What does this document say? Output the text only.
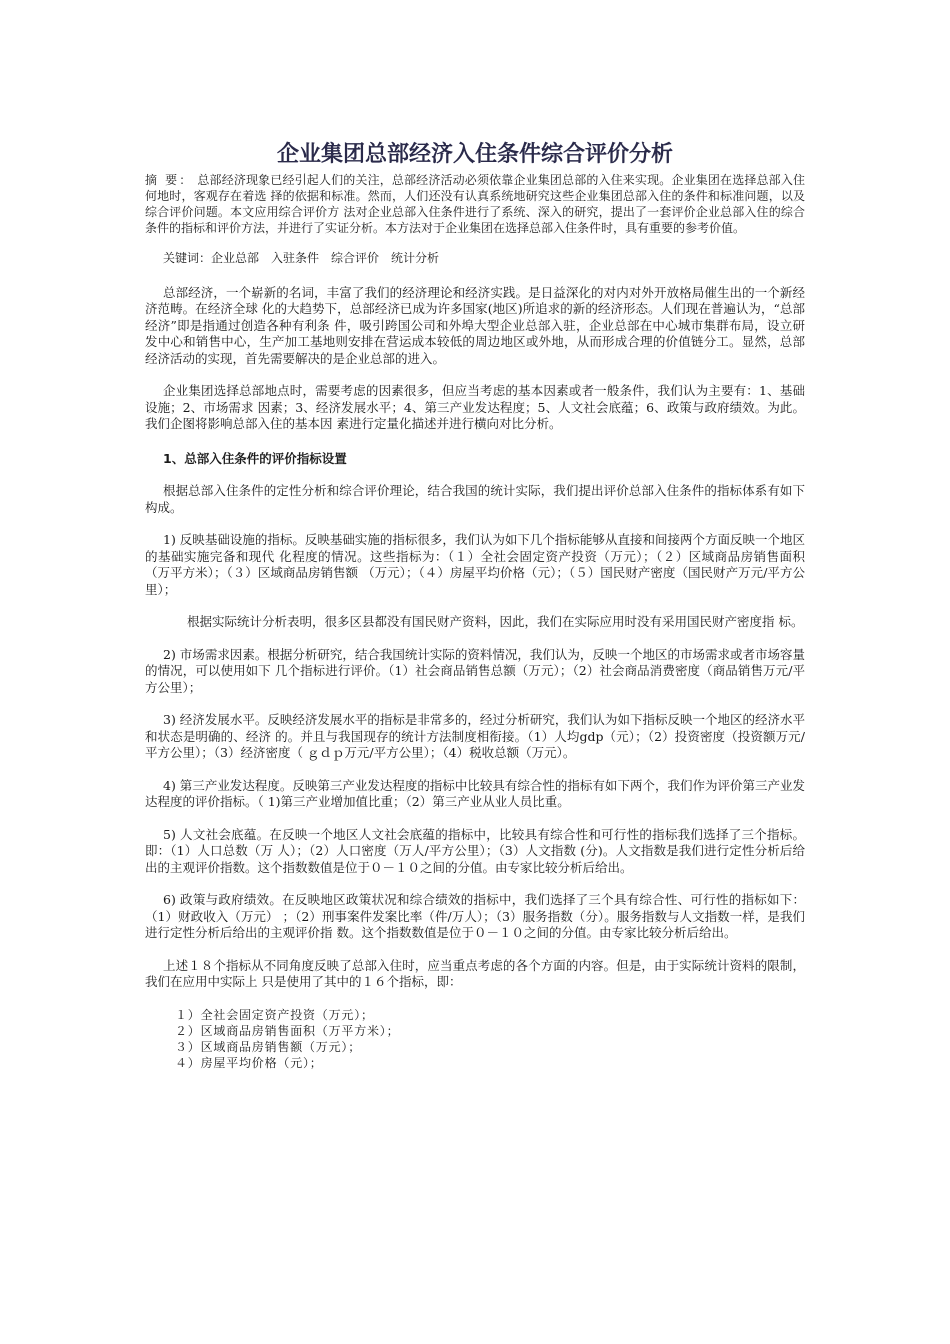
企业集团总部经济入住条件综合评价分析

摘 要： 总部经济现象已经引起人们的关注，总部经济活动必须依靠企业集团总部的入住来实现。企业集团在选择总部入住何地时，客观存在着选 择的依据和标准。然而，人们还没有认真系统地研究这些企业集团总部入住的条件和标准问题，以及综合评价问题。本文应用综合评价方 法对企业总部入住条件进行了系统、深入的研究，提出了一套评价企业总部入住的综合 条件的指标和评价方法，并进行了实证分析。本方法对于企业集团在选择总部入住条件时，具有重要的参考价值。

关键词：企业总部　入驻条件　综合评价　统计分析

总部经济，一个崭新的名词，丰富了我们的经济理论和经济实践。是日益深化的对内对外开放格局催生出的一个新经济范畴。在经济全球 化的大趋势下，总部经济已成为许多国家(地区)所追求的新的经济形态。人们现在普遍认为，“总部经济”即是指通过创造各种有利条 件，吸引跨国公司和外埠大型企业总部入驻，企业总部在中心城市集群布局，设立研发中心和销售中心，生产加工基地则安排在营运成本较低的周边地区或外地，从而形成合理的价值链分工。显然，总部经济活动的实现，首先需要解决的是企业总部的进入。

企业集团选择总部地点时，需要考虑的因素很多，但应当考虑的基本因素或者一般条件，我们认为主要有：1、基础设施；2、市场需求 因素；3、经济发展水平；4、第三产业发达程度；5、人文社会底蕴；6、政策与政府绩效。为此。我们企图将影响总部入住的基本因 素进行定量化描述并进行横向对比分析。

1、总部入住条件的评价指标设置

根据总部入住条件的定性分析和综合评价理论，结合我国的统计实际，我们提出评价总部入住条件的指标体系有如下构成。

1) 反映基础设施的指标。反映基础实施的指标很多，我们认为如下几个指标能够从直接和间接两个方面反映一个地区的基础实施完备和现代 化程度的情况。这些指标为：（１）全社会固定资产投资（万元）；（２）区域商品房销售面积（万平方米）；（３）区域商品房销售额 （万元）；（４）房屋平均价格（元）；（５）国民财产密度（国民财产万元/平方公里）；

根据实际统计分析表明，很多区县都没有国民财产资料，因此，我们在实际应用时没有采用国民财产密度指 标。

2) 市场需求因素。根据分析研究，结合我国统计实际的资料情况，我们认为，反映一个地区的市场需求或者市场容量的情况，可以使用如下 几个指标进行评价。（1）社会商品销售总额（万元）；（2）社会商品消费密度（商品销售万元/平方公里）；

3) 经济发展水平。反映经济发展水平的指标是非常多的，经过分析研究，我们认为如下指标反映一个地区的经济水平和状态是明确的、经济 的。并且与我国现存的统计方法制度相衔接。（1）人均gdp（元）；（2）投资密度（投资额万元/平方公里）；（3）经济密度（ ｇｄｐ万元/平方公里）；（4）税收总额（万元）。

4) 第三产业发达程度。反映第三产业发达程度的指标中比较具有综合性的指标有如下两个，我们作为评价第三产业发达程度的评价指标。（ 1)第三产业增加值比重；（2）第三产业从业人员比重。

5) 人文社会底蕴。在反映一个地区人文社会底蕴的指标中，比较具有综合性和可行性的指标我们选择了三个指标。即：（1）人口总数（万 人）；（2）人口密度（万人/平方公里）；（3）人文指数 (分)。人文指数是我们进行定性分析后给出的主观评价指数。这个指数数值是位于０－１０之间的分值。由专家比较分析后给出。

6) 政策与政府绩效。在反映地区政策状况和综合绩效的指标中，我们选择了三个具有综合性、可行性的指标如下：（1）财政收入（万元） ；（2）刑事案件发案比率（件/万人）；（3）服务指数（分）。服务指数与人文指数一样，是我们进行定性分析后给出的主观评价指 数。这个指数数值是位于０－１０之间的分值。由专家比较分析后给出。

上述１８个指标从不同角度反映了总部入住时，应当重点考虑的各个方面的内容。但是，由于实际统计资料的限制，我们在应用中实际上 只是使用了其中的１６个指标，即：

１）全社会固定资产投资（万元）；
２）区域商品房销售面积（万平方米）；
３）区域商品房销售额（万元）；
４）房屋平均价格（元）；
